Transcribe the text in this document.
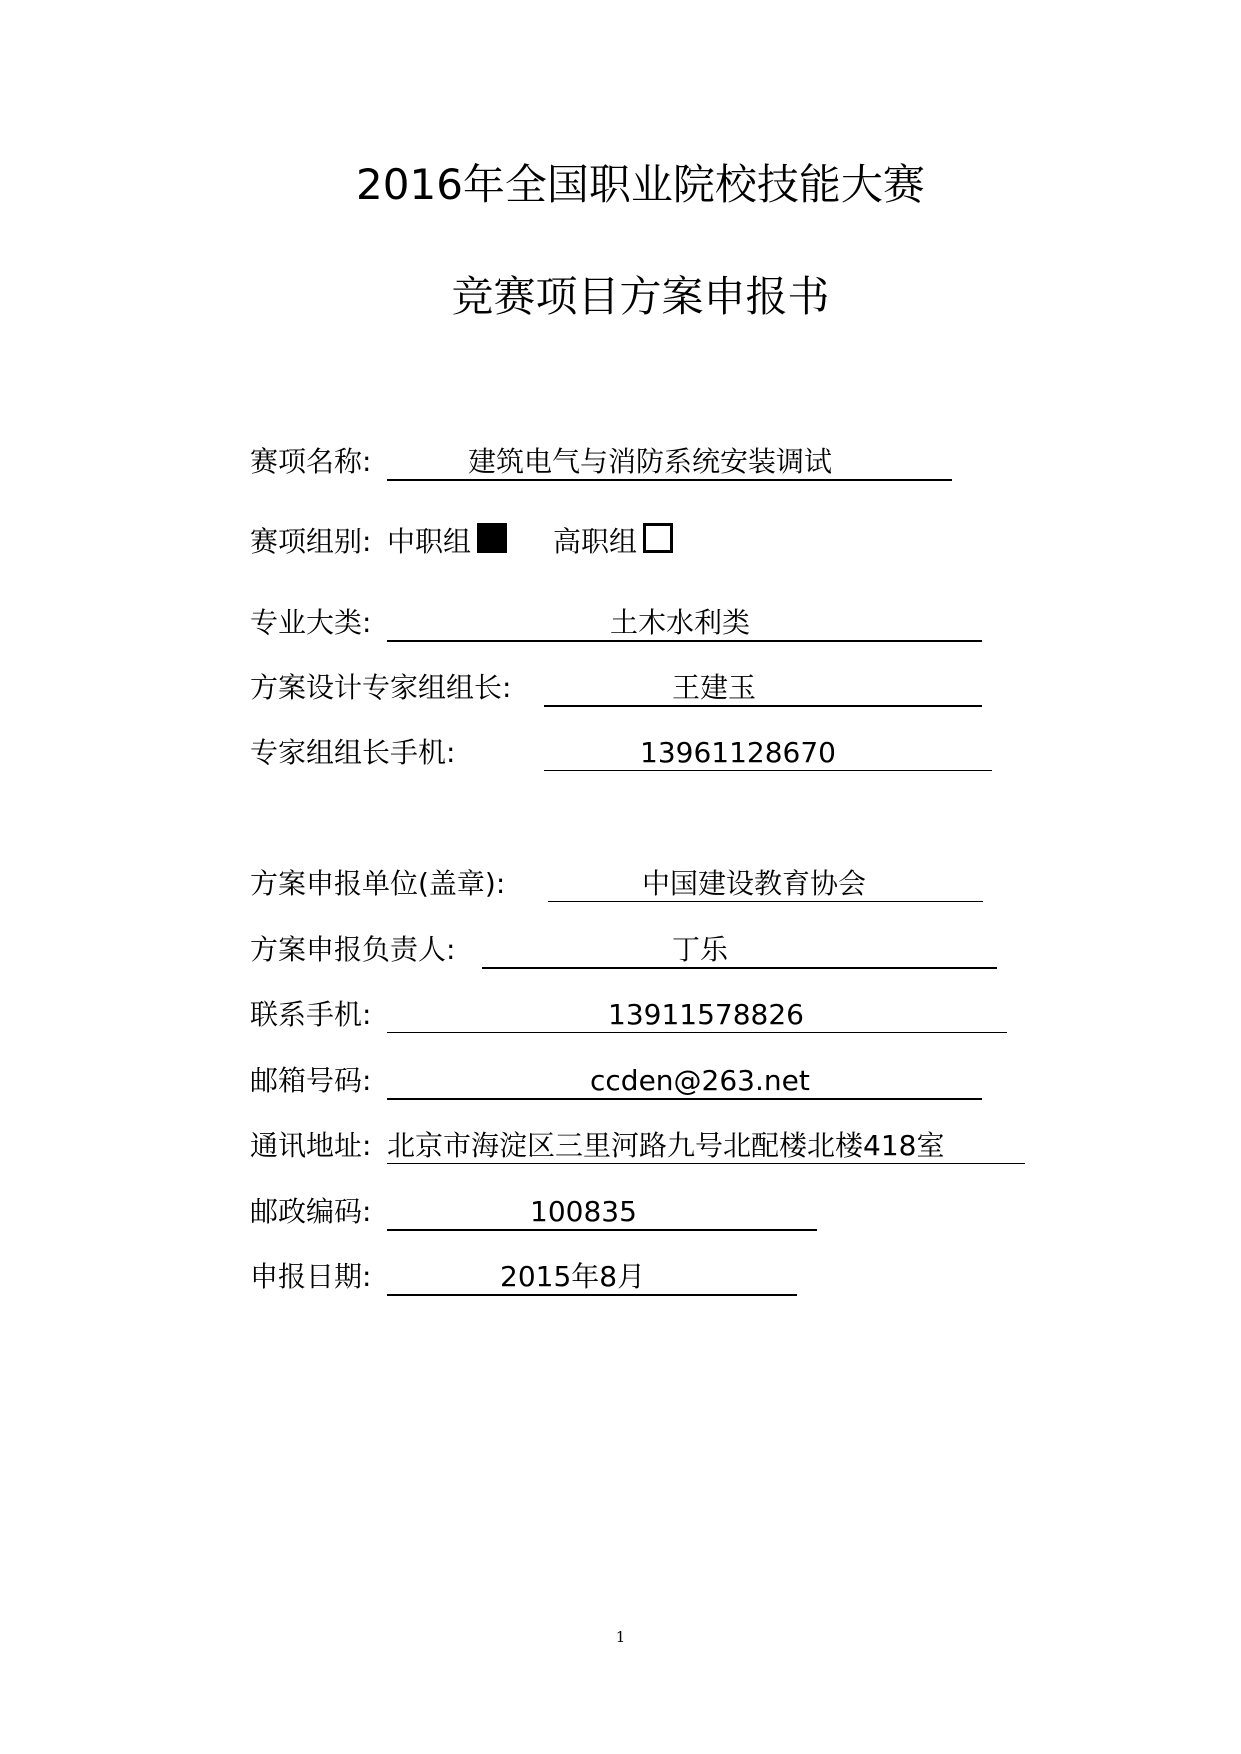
2016年全国职业院校技能大赛
竞赛项目方案申报书
赛项名称:	建筑电气与消防系统安装调试
赛项组别: 中职组	高职组
专业大类:	土木水利类
方案设计专家组组长:	王建玉
专家组组长手机:	13961128670
方案申报单位(盖章):	中国建设教育协会
方案申报负责人:	丁乐
联系手机:	13911578826
邮箱号码:	ccden@263.net
通讯地址: 北京市海淀区三里河路九号北配楼北楼418室
邮政编码:	100835
申报日期:	2015年8月
1
